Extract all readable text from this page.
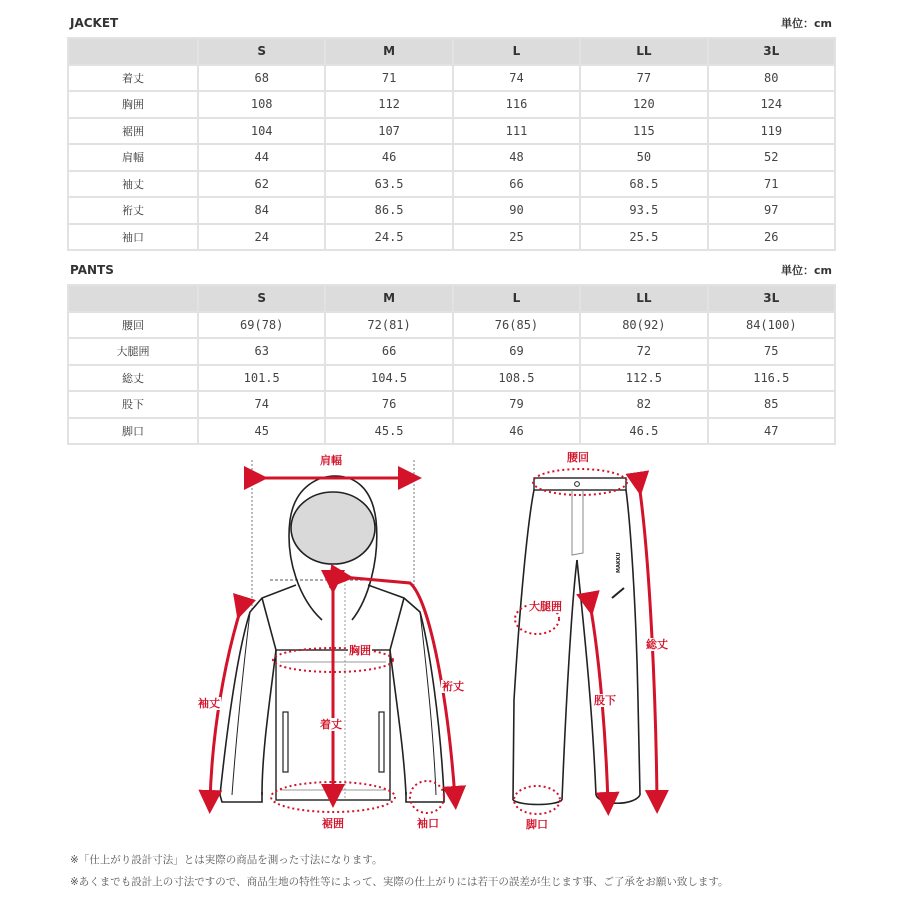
JACKET	単位：cm
	S	M	L	LL	3L
着丈	68	71	74	77	80
胸囲	108	112	116	120	124
裾囲	104	107	111	115	119
肩幅	44	46	48	50	52
袖丈	62	63.5	66	68.5	71
裄丈	84	86.5	90	93.5	97
袖口	24	24.5	25	25.5	26
PANTS	単位：cm
	S	M	L	LL	3L
腰回	69(78)	72(81)	76(85)	80(92)	84(100)
大腿囲	63	66	69	72	75
総丈	101.5	104.5	108.5	112.5	116.5
股下	74	76	79	82	85
脚口	45	45.5	46	46.5	47
MAKKU
肩幅
胸囲
着丈
袖丈
裄丈
裾囲	袖口
腰回
大腿囲
総丈
股下
脚口
※「仕上がり設計寸法」とは実際の商品を測った寸法になります。
※あくまでも設計上の寸法ですので、商品生地の特性等によって、実際の仕上がりには若干の誤差が生じます事、ご了承をお願い致します。
